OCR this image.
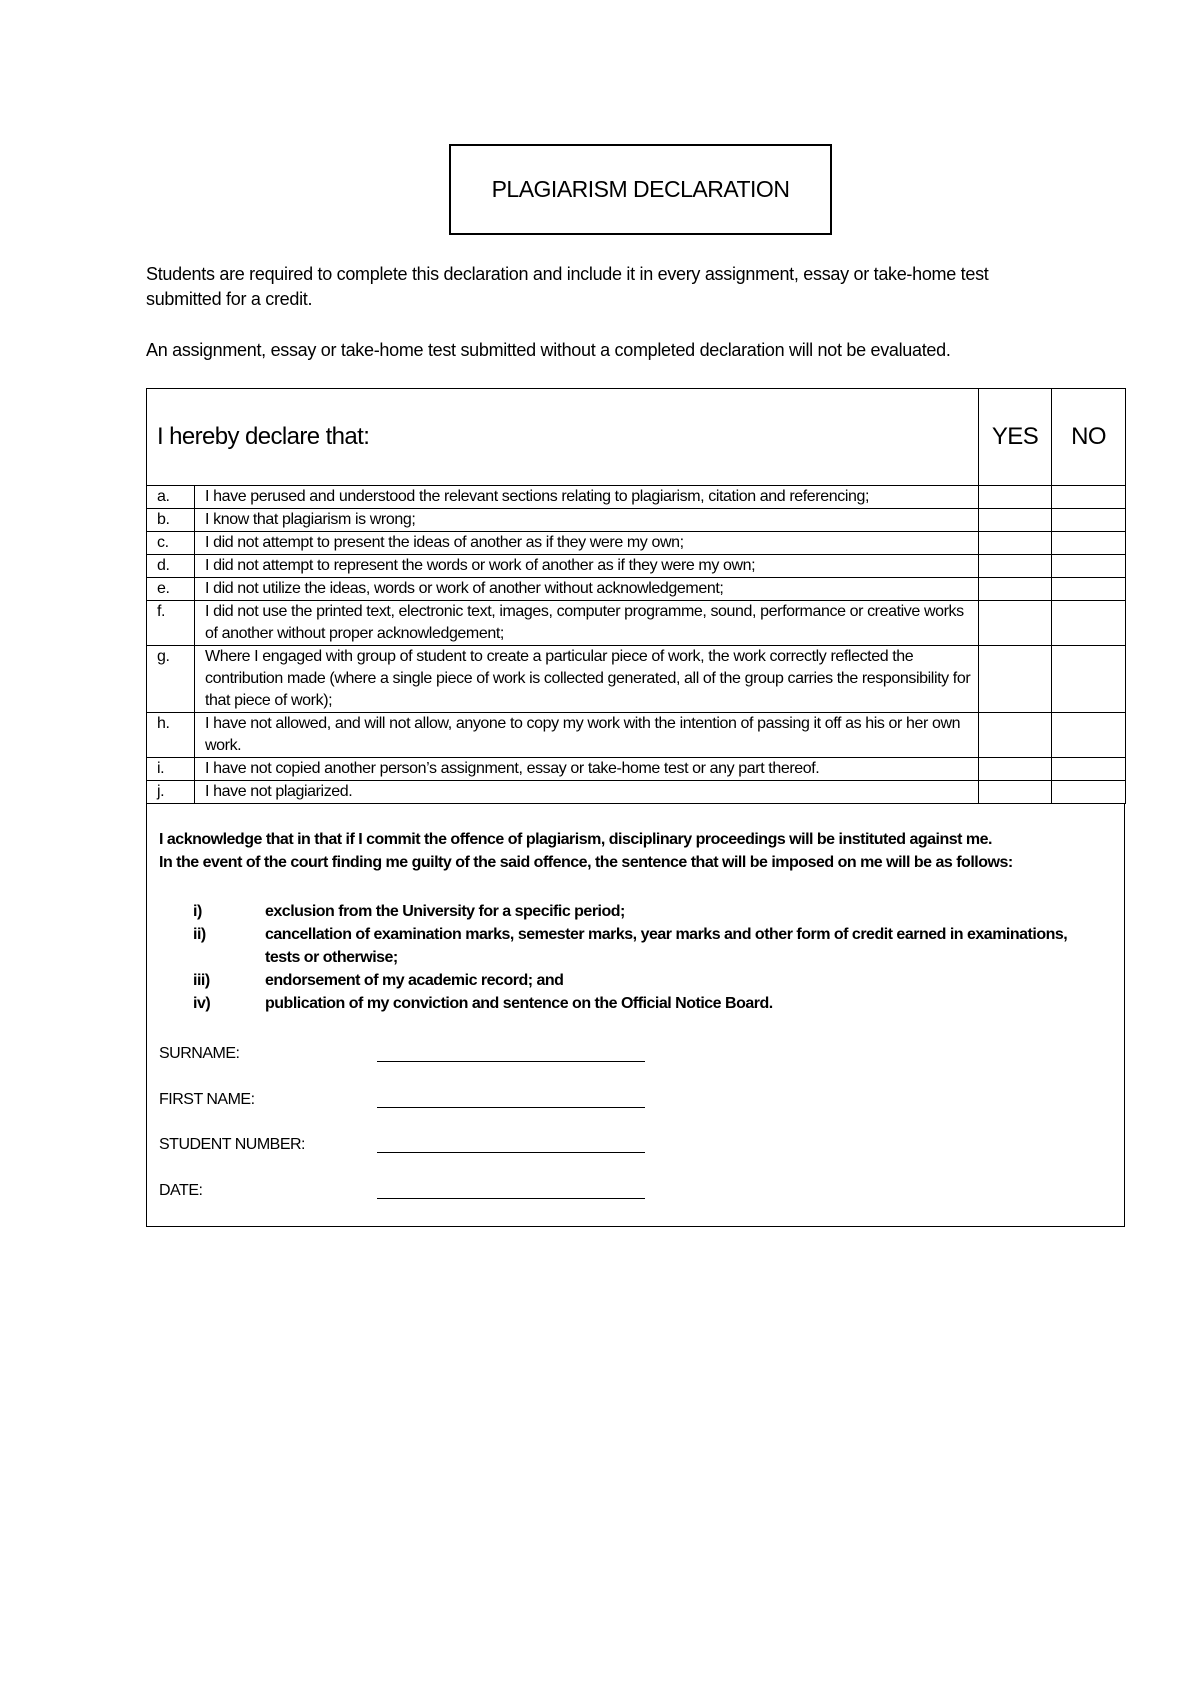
PLAGIARISM DECLARATION
Students are required to complete this declaration and include it in every assignment, essay or take-home test submitted for a credit.
An assignment, essay or take-home test submitted without a completed declaration will not be evaluated.
I hereby declare that:		YES	NO
a.	I have perused and understood the relevant sections relating to plagiarism, citation and referencing;		
b.	I know that plagiarism is wrong;		
c.	I did not attempt to present the ideas of another as if they were my own;		
d.	I did not attempt to represent the words or work of another as if they were my own;		
e.	I did not utilize the ideas, words or work of another without acknowledgement;		
f.	I did not use the printed text, electronic text, images, computer programme, sound, performance or creative works of another without proper acknowledgement;		
g.	Where I engaged with group of student to create a particular piece of work, the work correctly reflected the contribution made (where a single piece of work is collected generated, all of the group carries the responsibility for that piece of work);		
h.	I have not allowed, and will not allow, anyone to copy my work with the intention of passing it off as his or her own work.		
i.	I have not copied another person’s assignment, essay or take-home test or any part thereof.		
j.	I have not plagiarized.		
I acknowledge that in that if I commit the offence of plagiarism, disciplinary proceedings will be instituted against me.
In the event of the court finding me guilty of the said offence, the sentence that will be imposed on me will be as follows:
i)	exclusion from the University for a specific period;
ii)	cancellation of examination marks, semester marks, year marks and other form of credit earned in examinations, tests or otherwise;
iii)	endorsement of my academic record; and
iv)	publication of my conviction and sentence on the Official Notice Board.
SURNAME:
FIRST NAME:
STUDENT NUMBER:
DATE:
